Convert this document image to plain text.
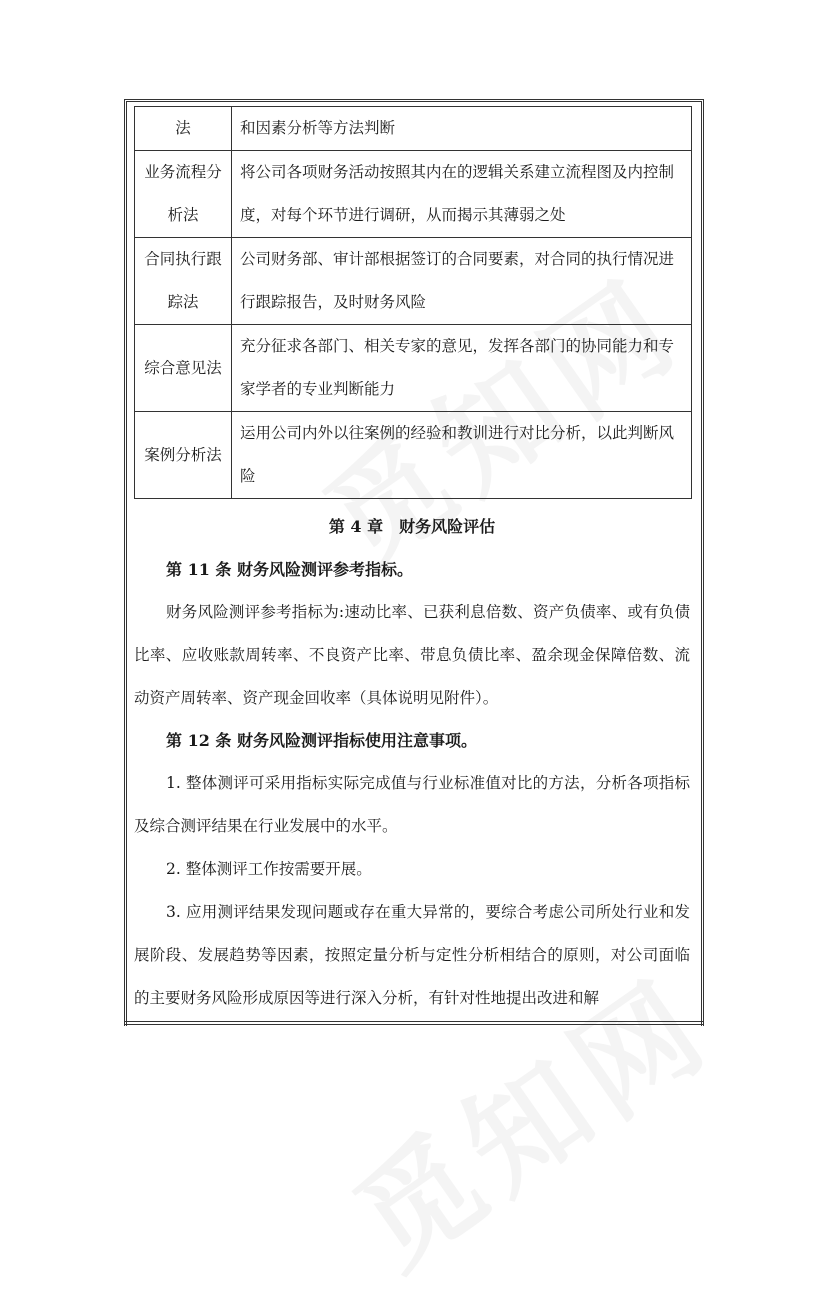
法	和因素分析等方法判断
业务流程分析法	将公司各项财务活动按照其内在的逻辑关系建立流程图及内控制度，对每个环节进行调研，从而揭示其薄弱之处
合同执行跟踪法	公司财务部、审计部根据签订的合同要素，对合同的执行情况进行跟踪报告，及时财务风险
综合意见法	充分征求各部门、相关专家的意见，发挥各部门的协同能力和专家学者的专业判断能力
案例分析法	运用公司内外以往案例的经验和教训进行对比分析，以此判断风险
第 4 章　财务风险评估

第 11 条 财务风险测评参考指标。

财务风险测评参考指标为:速动比率、已获利息倍数、资产负债率、或有负债比率、应收账款周转率、不良资产比率、带息负债比率、盈余现金保障倍数、流动资产周转率、资产现金回收率（具体说明见附件）。

第 12 条 财务风险测评指标使用注意事项。

1. 整体测评可采用指标实际完成值与行业标准值对比的方法，分析各项指标及综合测评结果在行业发展中的水平。

2. 整体测评工作按需要开展。

3. 应用测评结果发现问题或存在重大异常的，要综合考虑公司所处行业和发展阶段、发展趋势等因素，按照定量分析与定性分析相结合的原则，对公司面临的主要财务风险形成原因等进行深入分析，有针对性地提出改进和解
